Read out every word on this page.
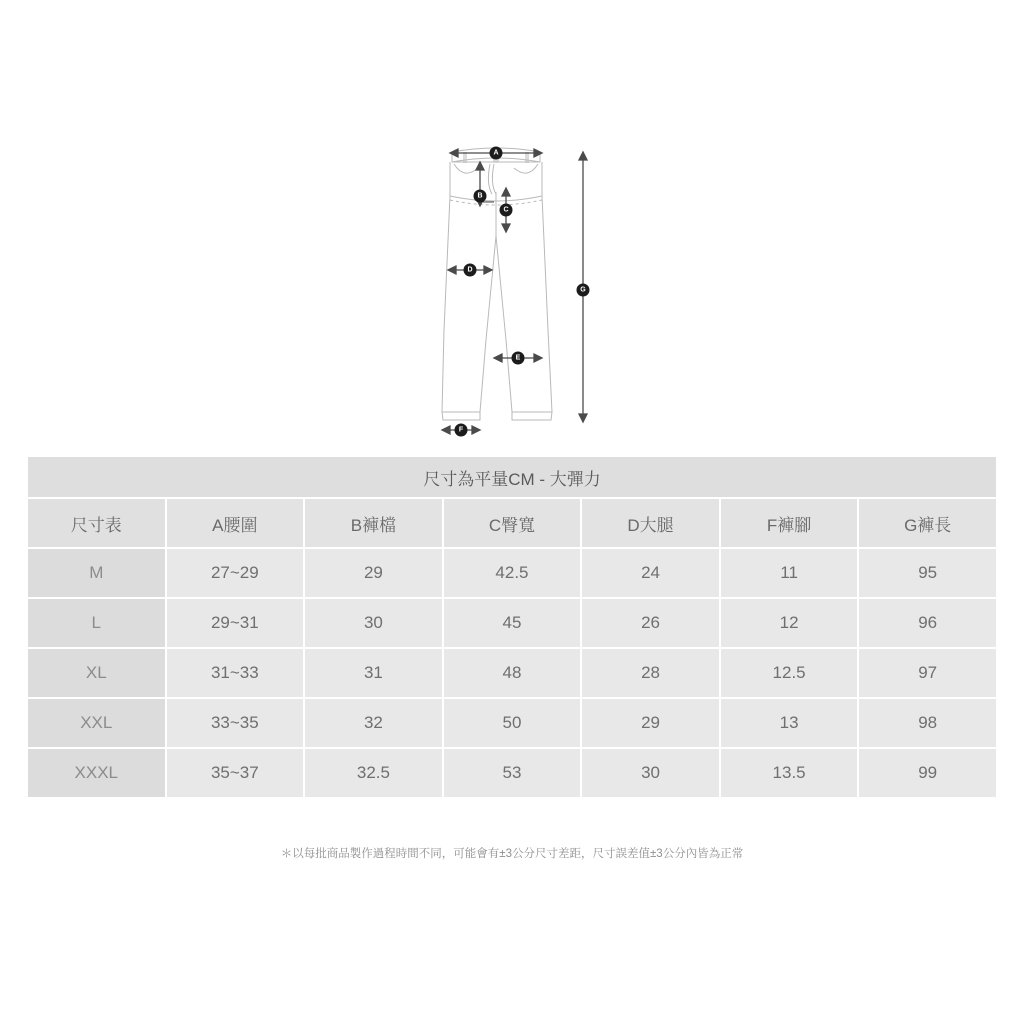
A
B
C
D
E
F
G
尺寸為平量CM - 大彈力						
尺寸表	A腰圍	B褲檔	C臀寬	D大腿	F褲腳	G褲長
M	27~29	29	42.5	24	11	95
L	29~31	30	45	26	12	96
XL	31~33	31	48	28	12.5	97
XXL	33~35	32	50	29	13	98
XXXL	35~37	32.5	53	30	13.5	99
＊以每批商品製作過程時間不同，可能會有±3公分尺寸差距，尺寸誤差值±3公分內皆為正常
